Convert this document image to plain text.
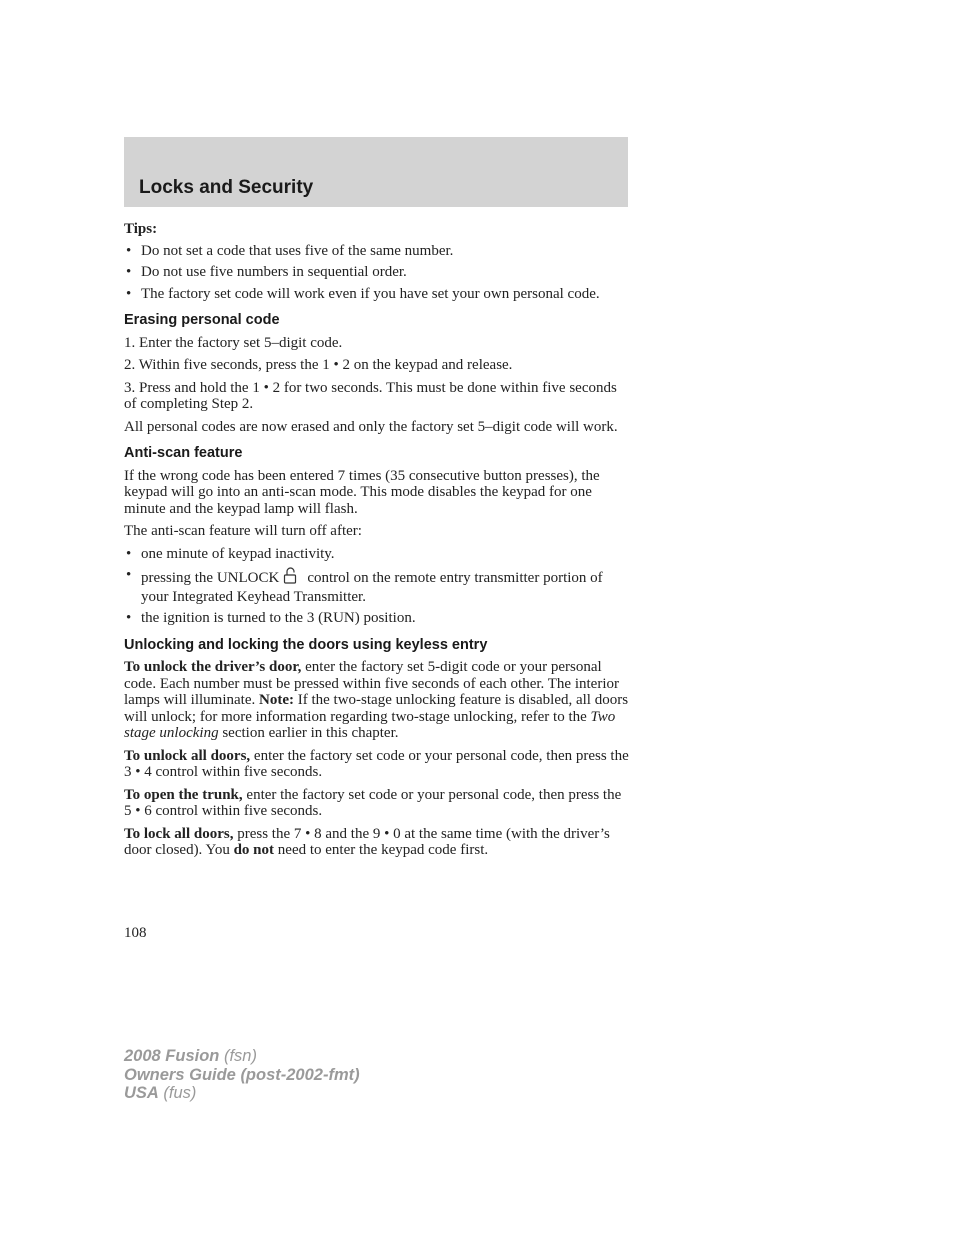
Locks and Security
Tips:
• Do not set a code that uses five of the same number.
• Do not use five numbers in sequential order.
• The factory set code will work even if you have set your own personal code.
Erasing personal code

1. Enter the factory set 5–digit code.

2. Within five seconds, press the 1 • 2 on the keypad and release.

3. Press and hold the 1 • 2 for two seconds. This must be done within five seconds of completing Step 2.

All personal codes are now erased and only the factory set 5–digit code will work.

Anti-scan feature

If the wrong code has been entered 7 times (35 consecutive button presses), the keypad will go into an anti-scan mode. This mode disables the keypad for one minute and the keypad lamp will flash.

The anti-scan feature will turn off after:

• one minute of keypad inactivity.
• pressing the UNLOCK control on the remote entry transmitter portion of your Integrated Keyhead Transmitter.
• the ignition is turned to the 3 (RUN) position.
Unlocking and locking the doors using keyless entry

To unlock the driver’s door, enter the factory set 5-digit code or your personal code. Each number must be pressed within five seconds of each other. The interior lamps will illuminate. Note: If the two-stage unlocking feature is disabled, all doors will unlock; for more information regarding two-stage unlocking, refer to the Two stage unlocking section earlier in this chapter.

To unlock all doors, enter the factory set code or your personal code, then press the 3 • 4 control within five seconds.

To open the trunk, enter the factory set code or your personal code, then press the 5 • 6 control within five seconds.

To lock all doors, press the 7 • 8 and the 9 • 0 at the same time (with the driver’s door closed). You do not need to enter the keypad code first.

108
2008 Fusion (fsn)
Owners Guide (post-2002-fmt)
USA (fus)
